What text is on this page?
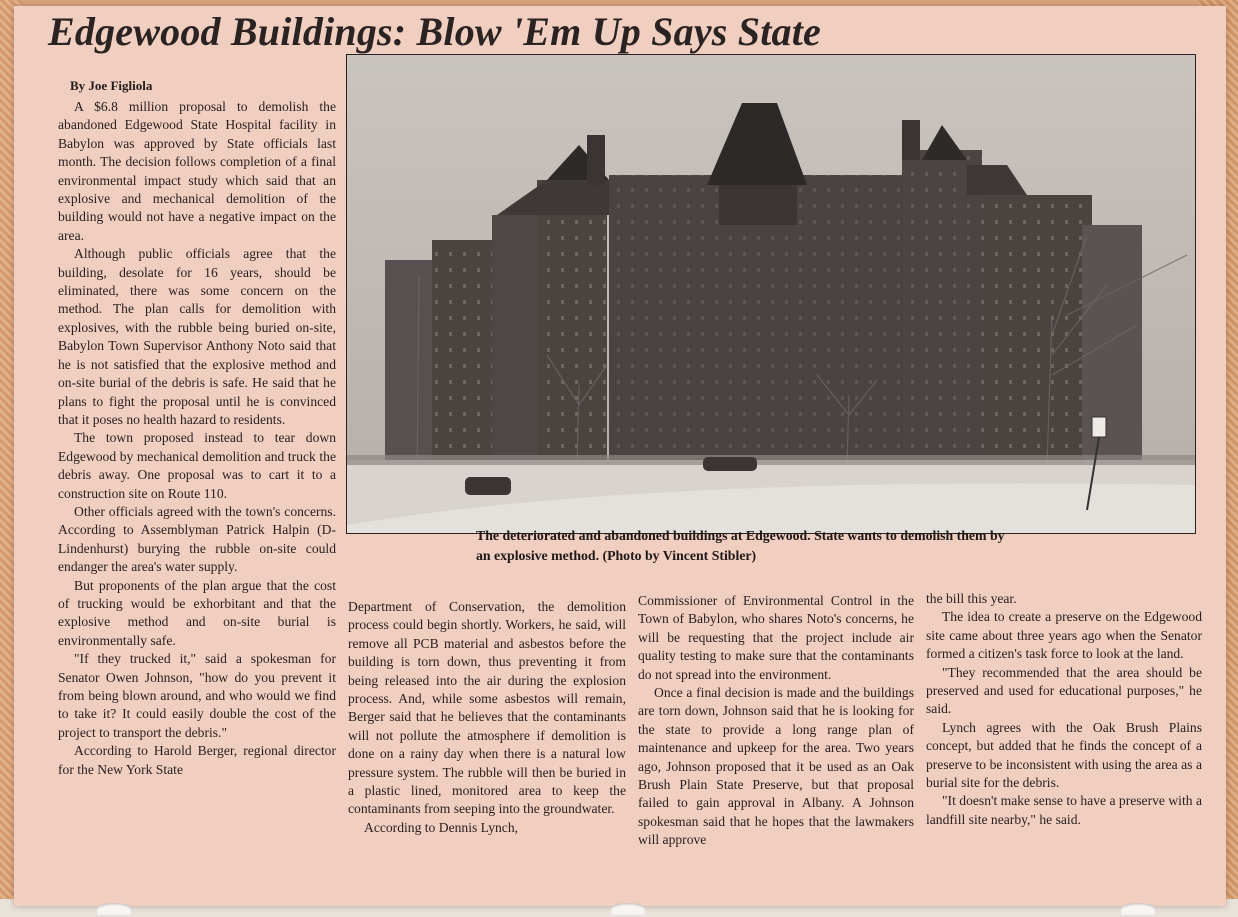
Edgewood Buildings: Blow 'Em Up Says State
By Joe Figliola

A $6.8 million proposal to demolish the abandoned Edgewood State Hospital facility in Babylon was approved by State officials last month. The decision follows completion of a final environmental impact study which said that an explosive and mechanical demolition of the building would not have a negative impact on the area.

Although public officials agree that the building, desolate for 16 years, should be eliminated, there was some concern on the method. The plan calls for demolition with explosives, with the rubble being buried on-site, Babylon Town Supervisor Anthony Noto said that he is not satisfied that the explosive method and on-site burial of the debris is safe. He said that he plans to fight the proposal until he is convinced that it poses no health hazard to residents.

The town proposed instead to tear down Edgewood by mechanical demolition and truck the debris away. One proposal was to cart it to a construction site on Route 110.

Other officials agreed with the town's concerns. According to Assemblyman Patrick Halpin (D-Lindenhurst) burying the rubble on-site could endanger the area's water supply.

But proponents of the plan argue that the cost of trucking would be exhorbitant and that the explosive method and on-site burial is environmentally safe.

"If they trucked it," said a spokesman for Senator Owen Johnson, "how do you prevent it from being blown around, and who would we find to take it? It could easily double the cost of the project to transport the debris."

According to Harold Berger, regional director for the New York State

The deteriorated and abandoned buildings at Edgewood. State wants to demolish them by
an explosive method. (Photo by Vincent Stibler)

Department of Conservation, the demolition process could begin shortly. Workers, he said, will remove all PCB material and asbestos before the building is torn down, thus preventing it from being released into the air during the explosion process. And, while some asbestos will remain, Berger said that he believes that the contaminants will not pollute the atmosphere if demolition is done on a rainy day when there is a natural low pressure system. The rubble will then be buried in a plastic lined, monitored area to keep the contaminants from seeping into the groundwater.

According to Dennis Lynch,

Commissioner of Environmental Control in the Town of Babylon, who shares Noto's concerns, he will be requesting that the project include air quality testing to make sure that the contaminants do not spread into the environment.

Once a final decision is made and the buildings are torn down, Johnson said that he is looking for the state to provide a long range plan of maintenance and upkeep for the area. Two years ago, Johnson proposed that it be used as an Oak Brush Plain State Preserve, but that proposal failed to gain approval in Albany. A Johnson spokesman said that he hopes that the lawmakers will approve

the bill this year.

The idea to create a preserve on the Edgewood site came about three years ago when the Senator formed a citizen's task force to look at the land.

"They recommended that the area should be preserved and used for educational purposes," he said.

Lynch agrees with the Oak Brush Plains concept, but added that he finds the concept of a preserve to be inconsistent with using the area as a burial site for the debris.

"It doesn't make sense to have a preserve with a landfill site nearby," he said.
